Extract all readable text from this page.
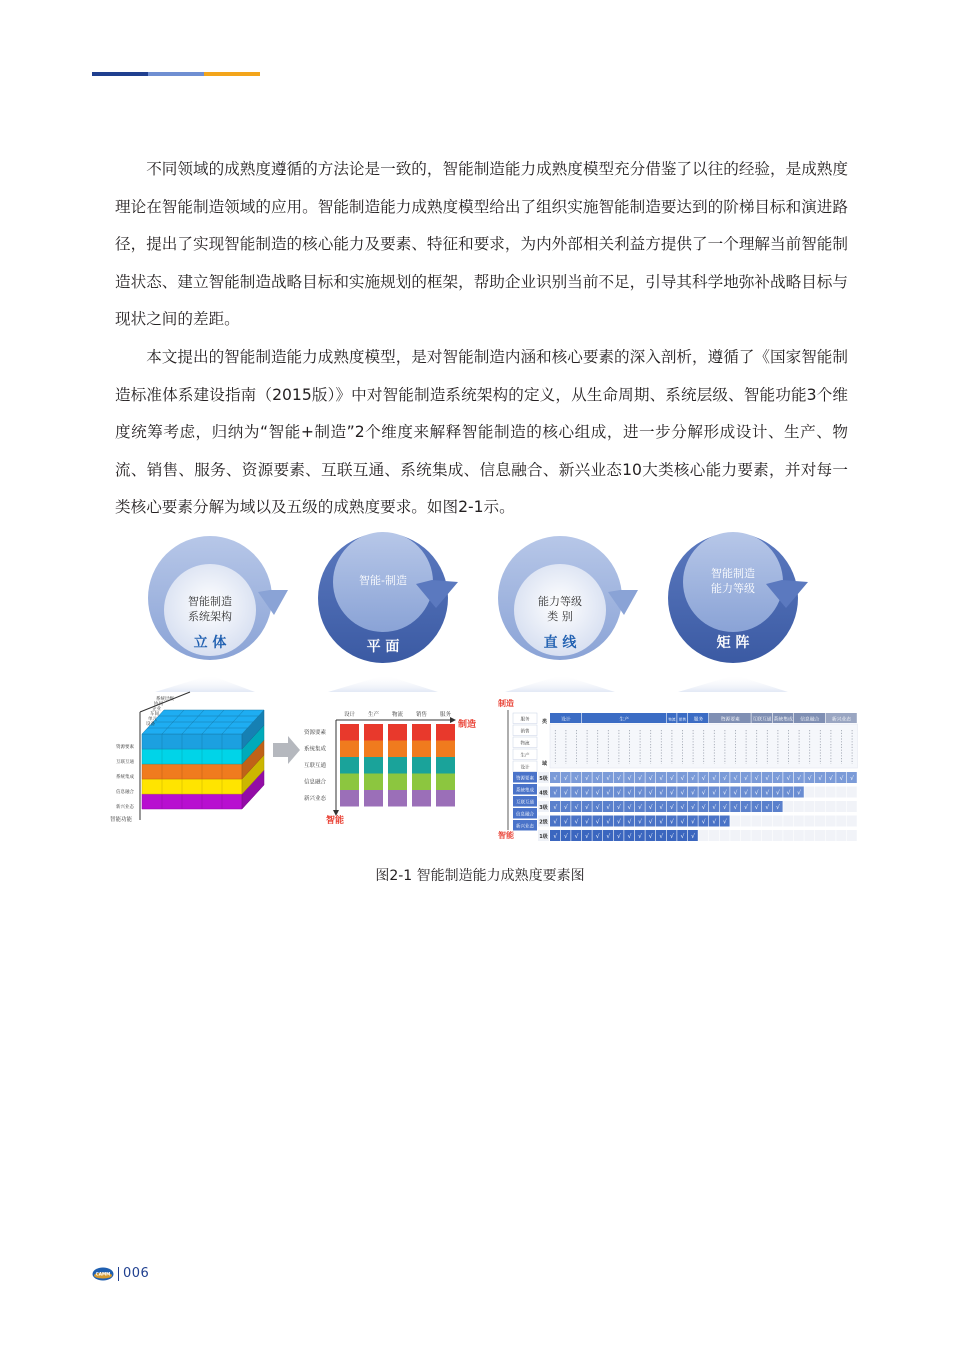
不同领域的成熟度遵循的方法论是一致的，智能制造能力成熟度模型充分借鉴了以往的经验，是成熟度理论在智能制造领域的应用。智能制造能力成熟度模型给出了组织实施智能制造要达到的阶梯目标和演进路径，提出了实现智能制造的核心能力及要素、特征和要求，为内外部相关利益方提供了一个理解当前智能制造状态、建立智能制造战略目标和实施规划的框架，帮助企业识别当前不足，引导其科学地弥补战略目标与现状之间的差距。

本文提出的智能制造能力成熟度模型，是对智能制造内涵和核心要素的深入剖析，遵循了《国家智能制造标准体系建设指南（2015版）》中对智能制造系统架构的定义，从生命周期、系统层级、智能功能3个维度统筹考虑，归纳为“智能+制造”2个维度来解释智能制造的核心组成，进一步分解形成设计、生产、物流、销售、服务、资源要素、互联互通、系统集成、信息融合、新兴业态10大类核心能力要素，并对每一类核心要素分解为域以及五级的成熟度要求。如图2-1示。

智能制造
系统架构
立 体
智能-制造
平 面
能力等级
类 别
直 线
智能制造
能力等级
矩 阵
系统层级
协同
企业
车间
单元
设备
资源要素
互联互通
系统集成
信息融合
新兴业态
智能功能
制造
智能
设计 生产 物流 销售 服务
资源要素
系统集成
互联互通
信息融合
新兴业态
制造
智能
服务
销售
物流
生产
设计
资源要素
系统集成
互联互通
信息融合
新兴业态
设计	生产	物流 销售 服务	资源要素	互联互通 系统集成 信息融合	新兴业态
5级 √ √ √ √ √ √ √ √ √ √ √ √ √ √ √ √ √ √ √ √ √ √ √ √ √ √ √ √ √
4级 √ √ √ √ √ √ √ √ √ √ √ √ √ √ √ √ √ √ √ √ √ √ √ √
3级 √ √ √ √ √ √ √ √ √ √ √ √ √ √ √ √ √ √ √ √ √ √
2级 √ √ √ √ √ √ √ √ √ √ √ √ √ √ √ √ √
1级 √ √ √ √ √ √ √ √ √ √ √ √ √ √
类
域
图2-1 智能制造能力成熟度要素图
CAMM 006
